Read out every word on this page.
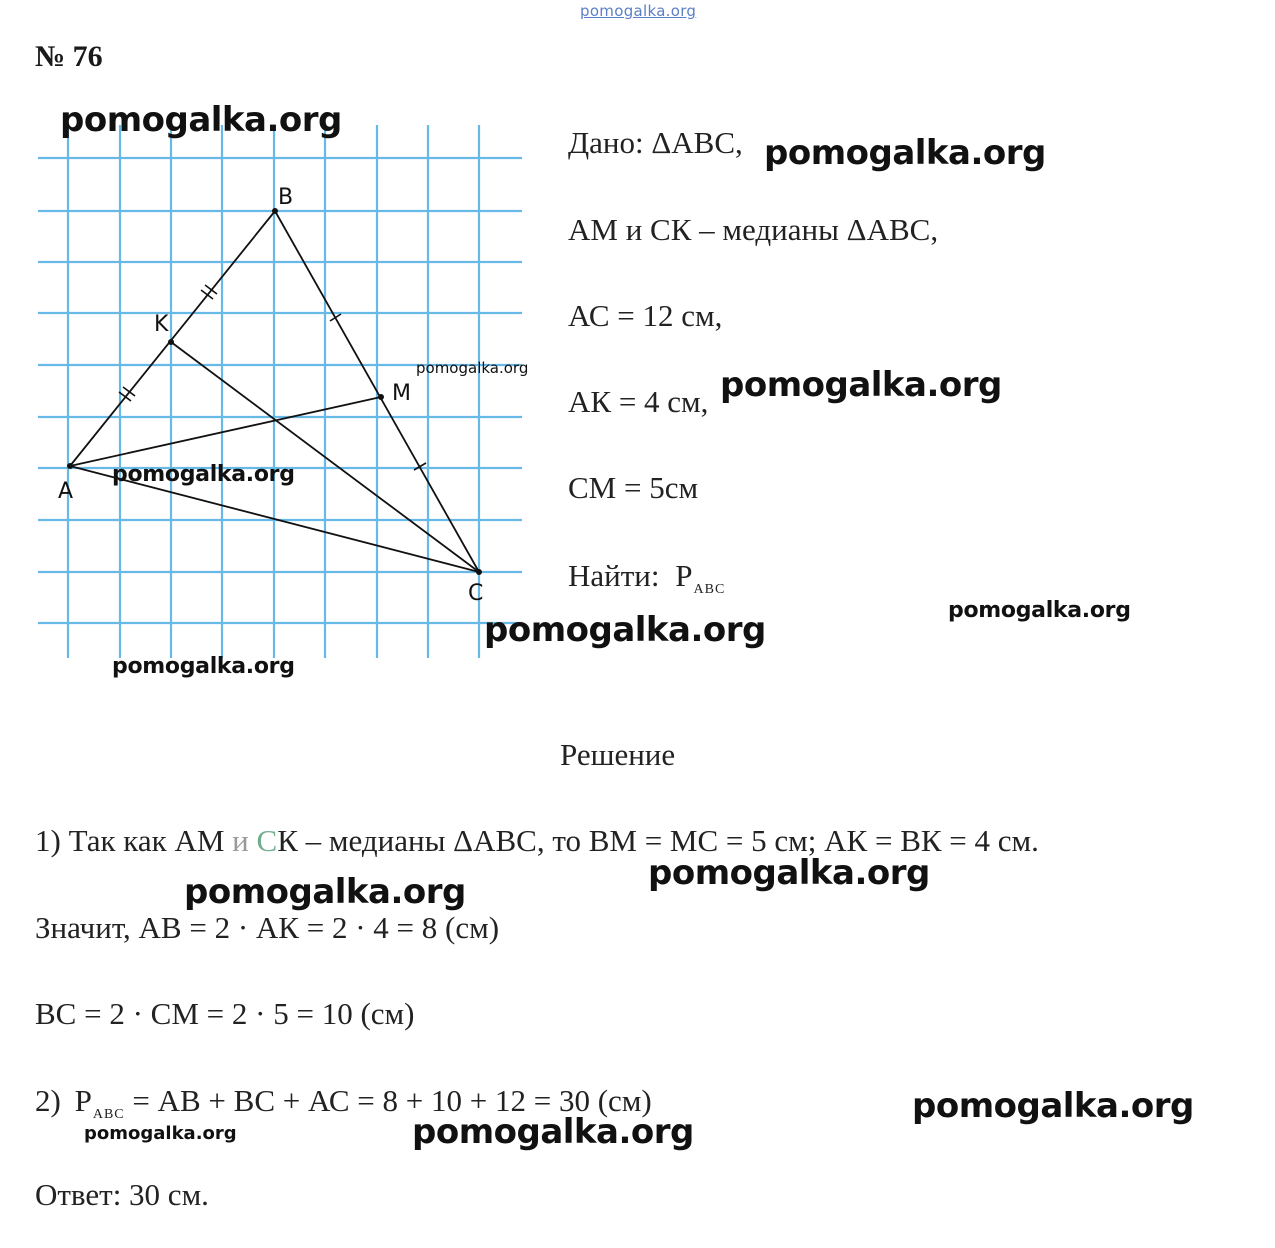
pomogalka.org
№ 76
B
K
M
A
C
Дано: ΔАВС,
АМ и СК – медианы ΔАВС,
АС = 12 см,
АК = 4 см,
СМ = 5см
Найти: $P_{ABC}$
Решение
1) Так как АМ и СК – медианы ΔАВС, то ВМ = МС = 5 см; АК = ВК = 4 см.
Значит, АВ = 2 · АК = 2 · 4 = 8 (см)
ВС = 2 · СМ = 2 · 5 = 10 (см)
2) $P_{ABC}$ = АВ + ВС + АС = 8 + 10 + 12 = 30 (см)
Ответ: 30 см.
pomogalka.org
pomogalka.org
pomogalka.org	pomogalka.org
pomogalka.org
pomogalka.org
pomogalka.org
pomogalka.org
pomogalka.org
pomogalka.org
pomogalka.org
pomogalka.org	pomogalka.org
